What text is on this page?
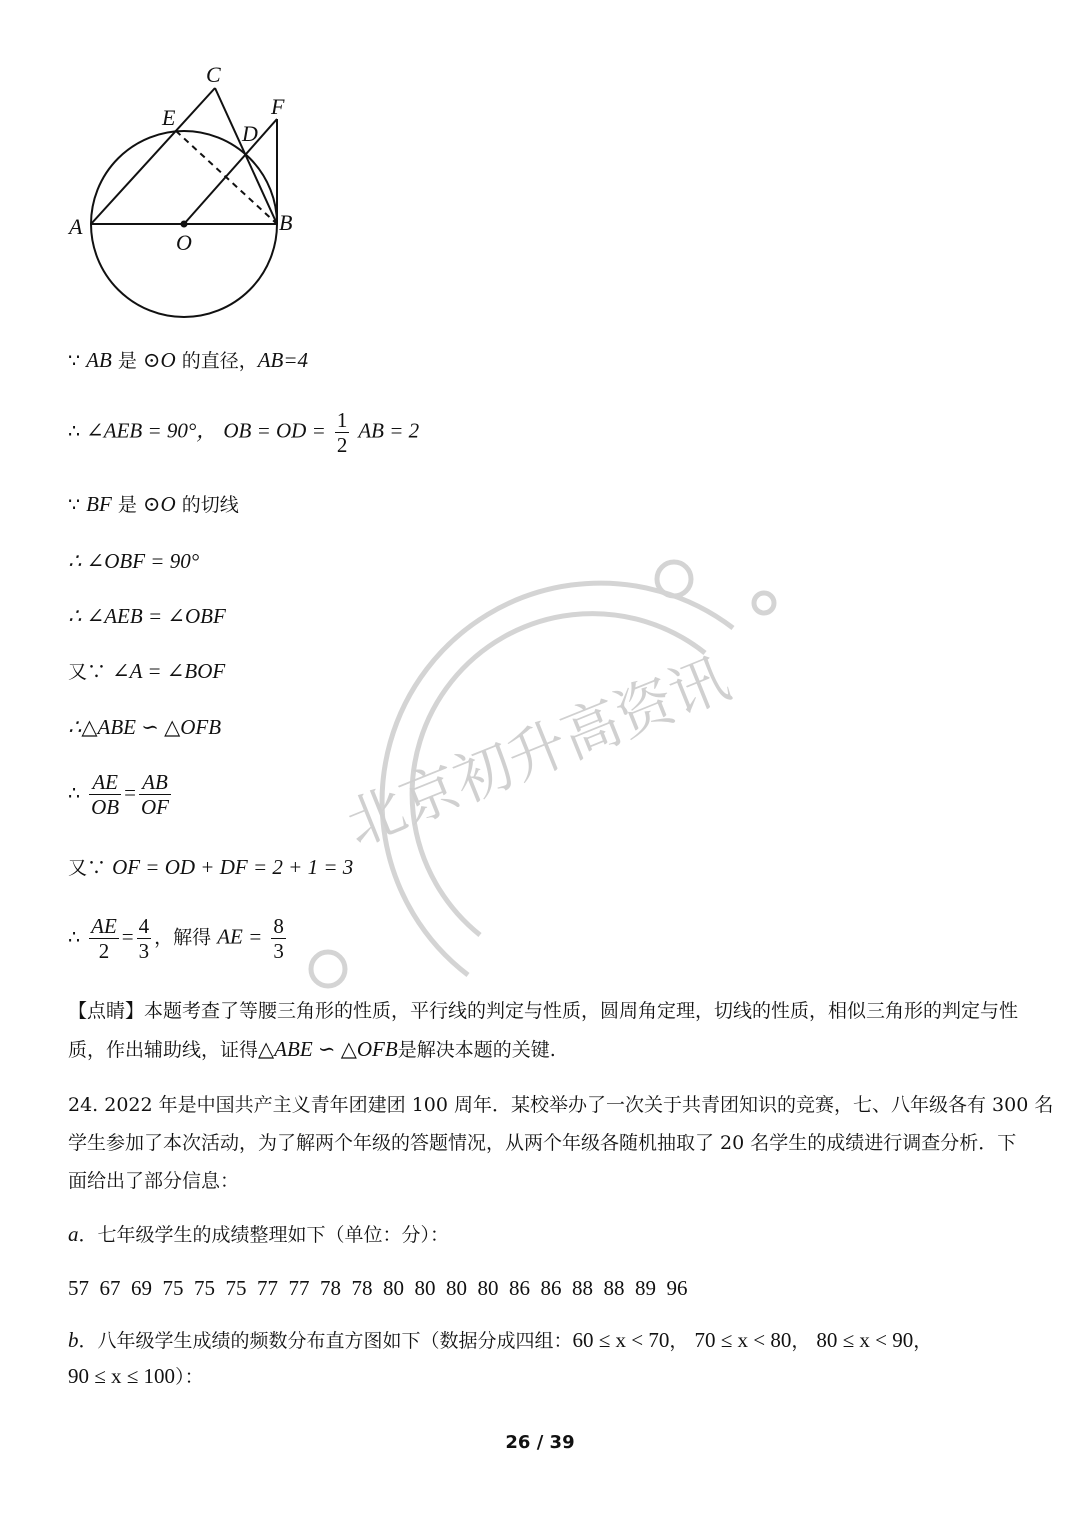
C
E
D
F
A
O
B
北京初升高资讯
∵ AB 是 ⊙O 的直径，AB=4
∴ ∠AEB = 90°， OB = OD = $\frac{1}{2}$ AB = 2
∵ BF 是 ⊙O 的切线
∴ ∠OBF = 90°
∴ ∠AEB = ∠OBF
又∵ ∠A = ∠BOF
∴△ABE ∽ △OFB
∴ $\frac{AE}{OB} = \frac{AB}{OF}$
又∵ OF = OD + DF = 2 + 1 = 3
∴ $\frac{AE}{2} = \frac{4}{3}$ ，解得 AE = $\frac{8}{3}$
【点睛】本题考查了等腰三角形的性质，平行线的判定与性质，圆周角定理，切线的性质，相似三角形的判定与性
质，作出辅助线，证得△ABE ∽ △OFB是解决本题的关键.
24. 2022 年是中国共产主义青年团建团 100 周年．某校举办了一次关于共青团知识的竞赛，七、八年级各有 300 名
学生参加了本次活动，为了解两个年级的答题情况，从两个年级各随机抽取了 20 名学生的成绩进行调查分析．下
面给出了部分信息：
a．七年级学生的成绩整理如下（单位：分）：
57  67  69  75  75  75  77  77  78  78  80  80  80  80  86  86  88  88  89  96
b．八年级学生成绩的频数分布直方图如下（数据分成四组：60 ≤ x < 70， 70 ≤ x < 80， 80 ≤ x < 90，
90 ≤ x ≤ 100）：
26 / 39
